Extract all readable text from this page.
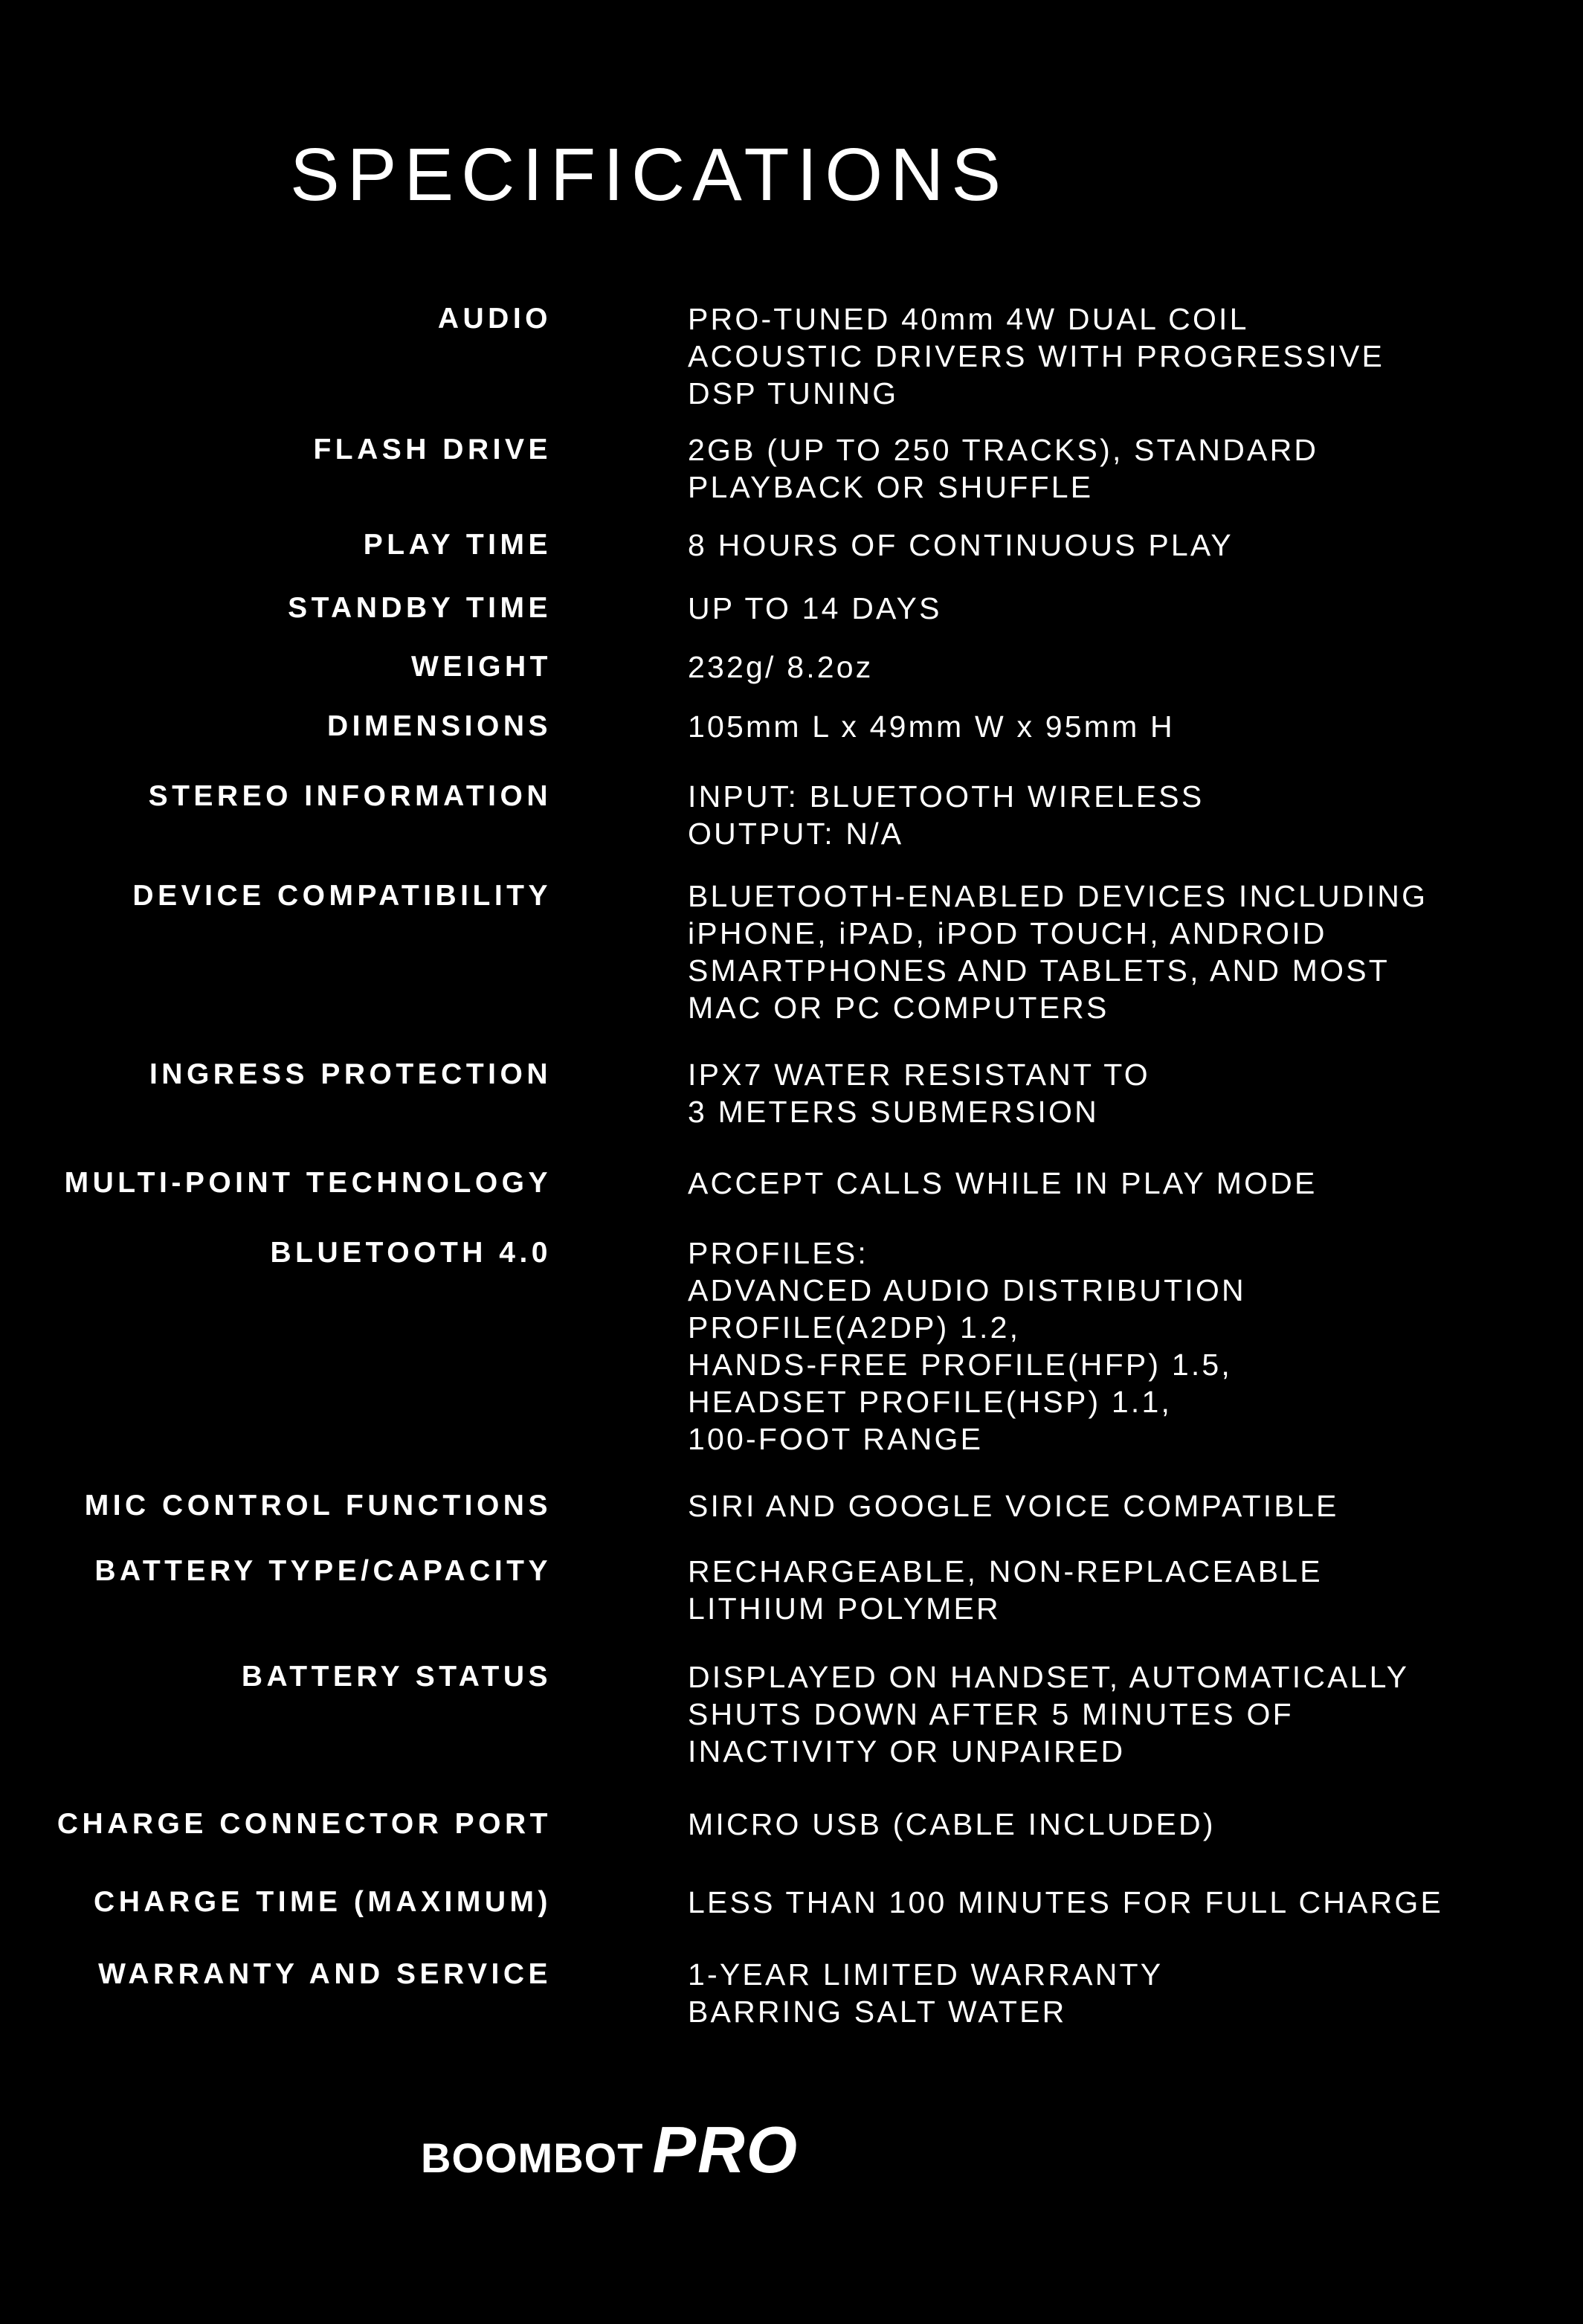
SPECIFICATIONS
AUDIO	PRO-TUNED 40mm 4W DUAL COIL
ACOUSTIC DRIVERS WITH PROGRESSIVE
DSP TUNING
FLASH DRIVE	2GB (UP TO 250 TRACKS), STANDARD
PLAYBACK OR SHUFFLE
PLAY TIME	8 HOURS OF CONTINUOUS PLAY
STANDBY TIME	UP TO 14 DAYS
WEIGHT	232g/ 8.2oz
DIMENSIONS	105mm L x 49mm W x 95mm H
STEREO INFORMATION	INPUT: BLUETOOTH WIRELESS
OUTPUT: N/A
DEVICE COMPATIBILITY	BLUETOOTH-ENABLED DEVICES INCLUDING
iPHONE, iPAD, iPOD TOUCH, ANDROID
SMARTPHONES AND TABLETS, AND MOST
MAC OR PC COMPUTERS
INGRESS PROTECTION	IPX7 WATER RESISTANT TO
3 METERS SUBMERSION
MULTI-POINT TECHNOLOGY	ACCEPT CALLS WHILE IN PLAY MODE
BLUETOOTH 4.0	PROFILES:
ADVANCED AUDIO DISTRIBUTION
PROFILE(A2DP) 1.2,
HANDS-FREE PROFILE(HFP) 1.5,
HEADSET PROFILE(HSP) 1.1,
100-FOOT RANGE
MIC CONTROL FUNCTIONS	SIRI AND GOOGLE VOICE COMPATIBLE
BATTERY TYPE/CAPACITY	RECHARGEABLE, NON-REPLACEABLE
LITHIUM POLYMER
BATTERY STATUS	DISPLAYED ON HANDSET, AUTOMATICALLY
SHUTS DOWN AFTER 5 MINUTES OF
INACTIVITY OR UNPAIRED
CHARGE CONNECTOR PORT	MICRO USB (CABLE INCLUDED)
CHARGE TIME (MAXIMUM)	LESS THAN 100 MINUTES FOR FULL CHARGE
WARRANTY AND SERVICE	1-YEAR LIMITED WARRANTY
BARRING SALT WATER
BOOMBOT PRO
